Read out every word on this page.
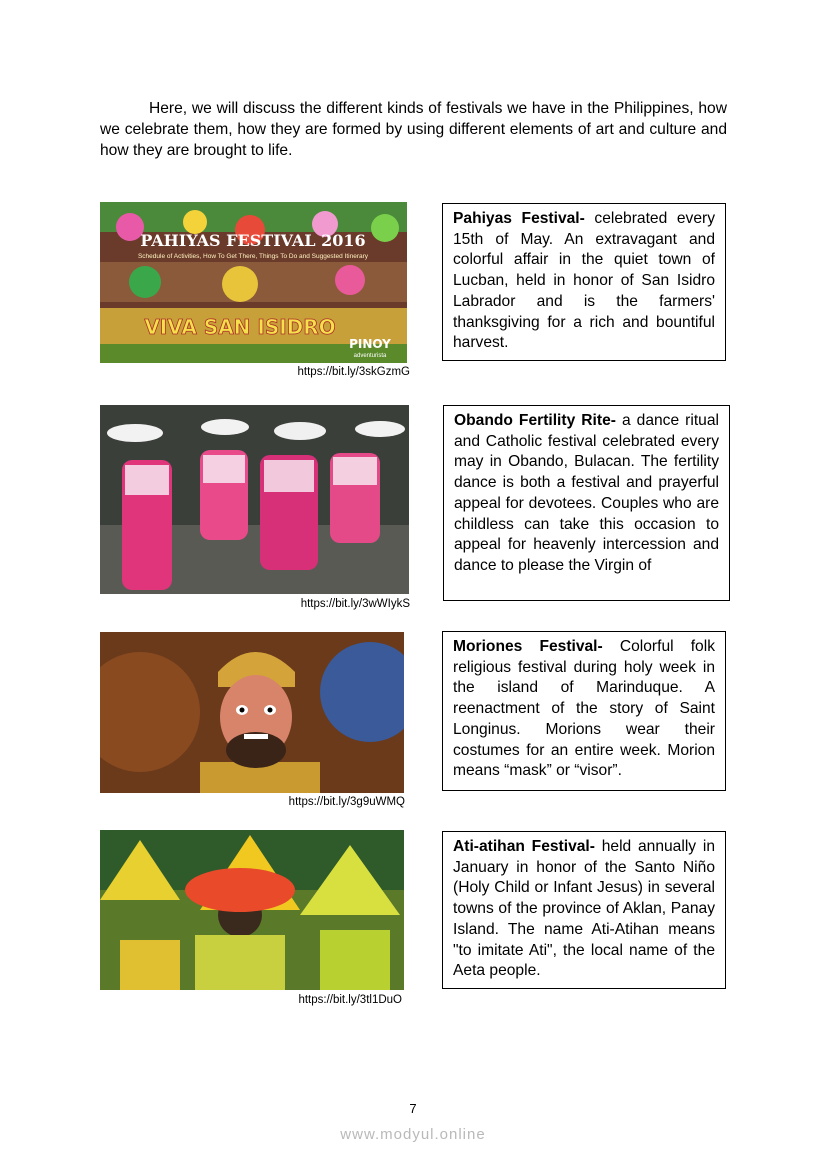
Here, we will discuss the different kinds of festivals we have in the Philippines, how we celebrate them, how they are formed by using different elements of art and culture and how they are brought to life.

PAHIYAS FESTIVAL 2016
Schedule of Activities, How To Get There, Things To Do and Suggested Itinerary
VIVA SAN ISIDRO
PINOY
adventurista
https://bit.ly/3skGzmG
Pahiyas Festival- celebrated every 15th of May. An extravagant and colorful affair in the quiet town of Lucban, held in honor of San Isidro Labrador and is the farmers' thanksgiving for a rich and bountiful harvest.
https://bit.ly/3wWIykS
Obando Fertility Rite- a dance ritual and Catholic festival celebrated every may in Obando, Bulacan. The fertility dance is both a festival and prayerful appeal for devotees. Couples who are childless can take this occasion to appeal for heavenly intercession and dance to please the Virgin of
https://bit.ly/3g9uWMQ
Moriones Festival- Colorful folk religious festival during holy week in the island of Marinduque. A reenactment of the story of Saint Longinus. Morions wear their costumes for an entire week. Morion means “mask” or “visor”.
https://bit.ly/3tl1DuO
Ati-atihan Festival- held annually in January in honor of the Santo Niño (Holy Child or Infant Jesus) in several towns of the province of Aklan, Panay Island. The name Ati-Atihan means "to imitate Ati", the local name of the Aeta people.
7
www.modyul.online
